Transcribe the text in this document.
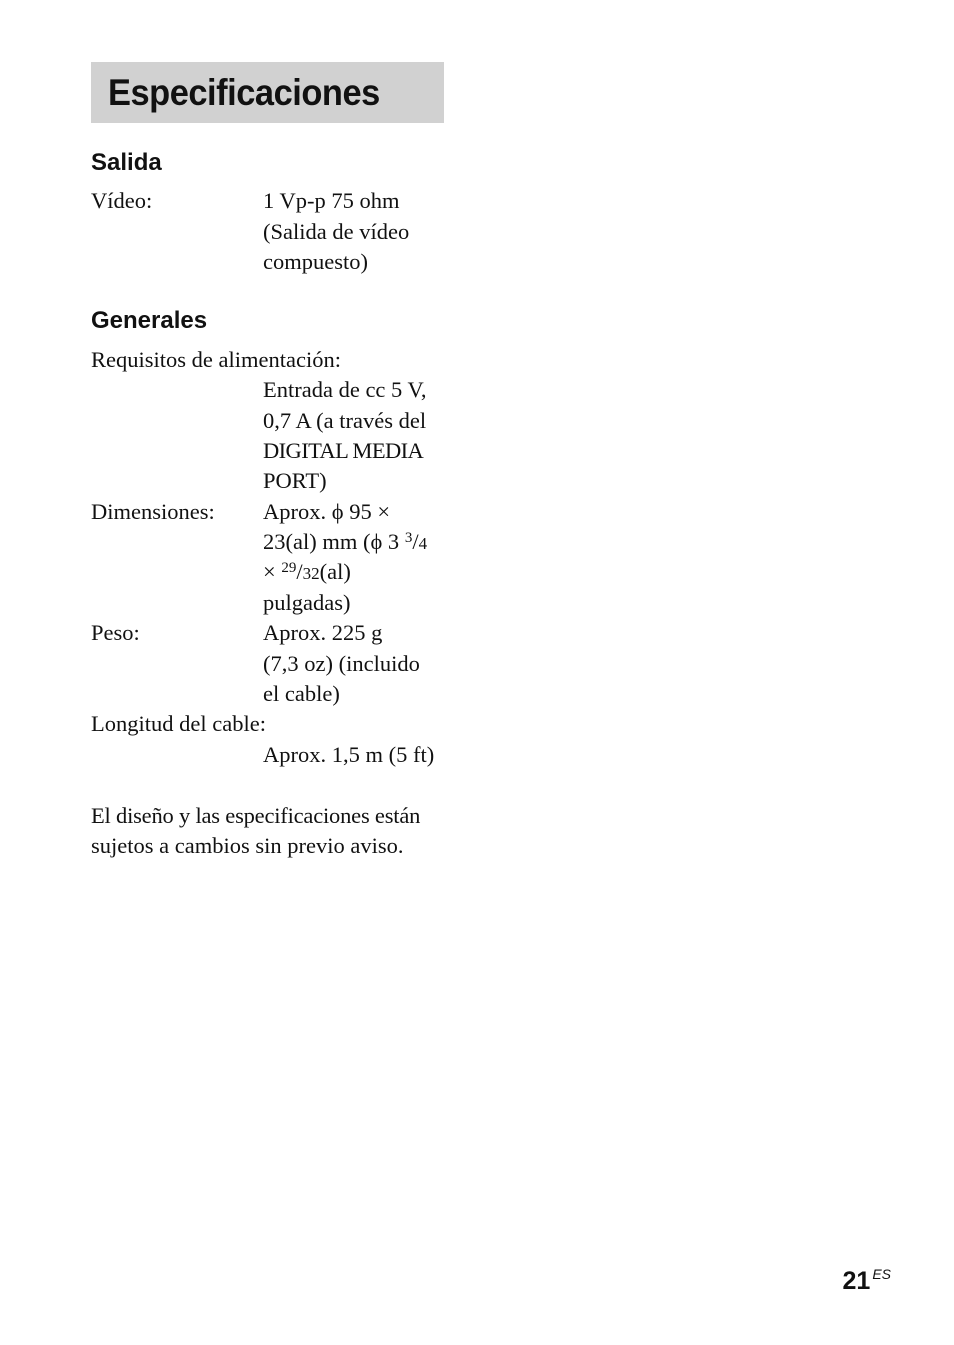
Especificaciones
Salida
Vídeo:	1 Vp-p 75 ohm
(Salida de vídeo
compuesto)
Generales
Requisitos de alimentación:
Entrada de cc 5 V,
0,7 A (a través del
DIGITAL MEDIA
PORT)
Dimensiones: Aprox. ϕ 95 ×
23(al) mm (ϕ 3 $^3$/4
× $^{29}$/32(al)
pulgadas)
Peso:	Aprox. 225 g
(7,3 oz) (incluido
el cable)
Longitud del cable:
Aprox. 1,5 m (5 ft)
El diseño y las especificaciones están
sujetos a cambios sin previo aviso.
21 $^{ES}$
